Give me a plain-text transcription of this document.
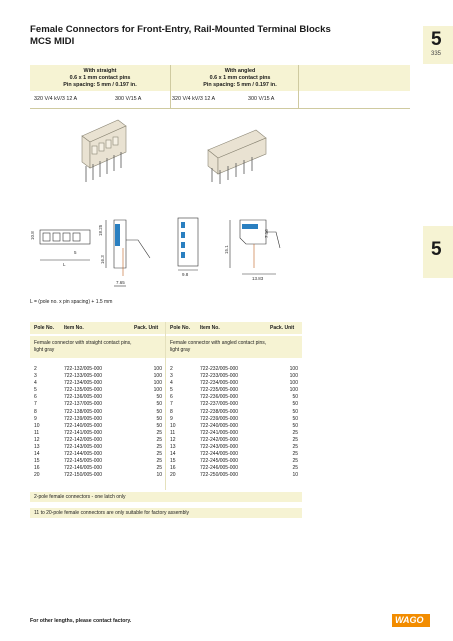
Female Connectors for Front-Entry, Rail-Mounted Terminal Blocks
MCS MIDI	5
335
5
With straight
0.6 x 1 mm contact pins
Pin spacing: 5 mm / 0.197 in.
With angled
0.6 x 1 mm contact pins
Pin spacing: 5 mm / 0.197 in.
320 V/4 kV/3 12 A	300 V/15 A	320 V/4 kV/3 12 A	300 V/15 A
10.8	18.25
16.3
L
5
7.65
7.16
15.1
9.8
13.83
L = (pole no. x pin spacing) + 1.5 mm
Pole No. Item No.	Pack. Unit Pole No. Item No.	Pack. Unit
Female connector with straight contact pins,
light gray
Female connector with angled contact pins,
light gray
2	722-132/005-000	100 2	722-232/005-000	100
3	722-133/005-000	100 3	722-233/005-000	100
4	722-134/005-000	100 4	722-234/005-000	100
5	722-135/005-000	100 5	722-235/005-000	100
6	722-136/005-000	50 6	722-236/005-000	50
7	722-137/005-000	50 7	722-237/005-000	50
8	722-138/005-000	50 8	722-238/005-000	50
9	722-139/005-000	50 9	722-239/005-000	50
10	722-140/005-000	50 10	722-240/005-000	50
11	722-141/005-000	25 11	722-241/005-000	25
12	722-142/005-000	25 12	722-242/005-000	25
13	722-143/005-000	25 13	722-243/005-000	25
14	722-144/005-000	25 14	722-244/005-000	25
15	722-145/005-000	25 15	722-245/005-000	25
16	722-146/005-000	25 16	722-246/005-000	25
20	722-150/005-000	10 20	722-250/005-000	10
2-pole female connectors - one latch only
11 to 20-pole female connectors are only suitable for factory assembly
For other lengths, please contact factory.	WAGO
